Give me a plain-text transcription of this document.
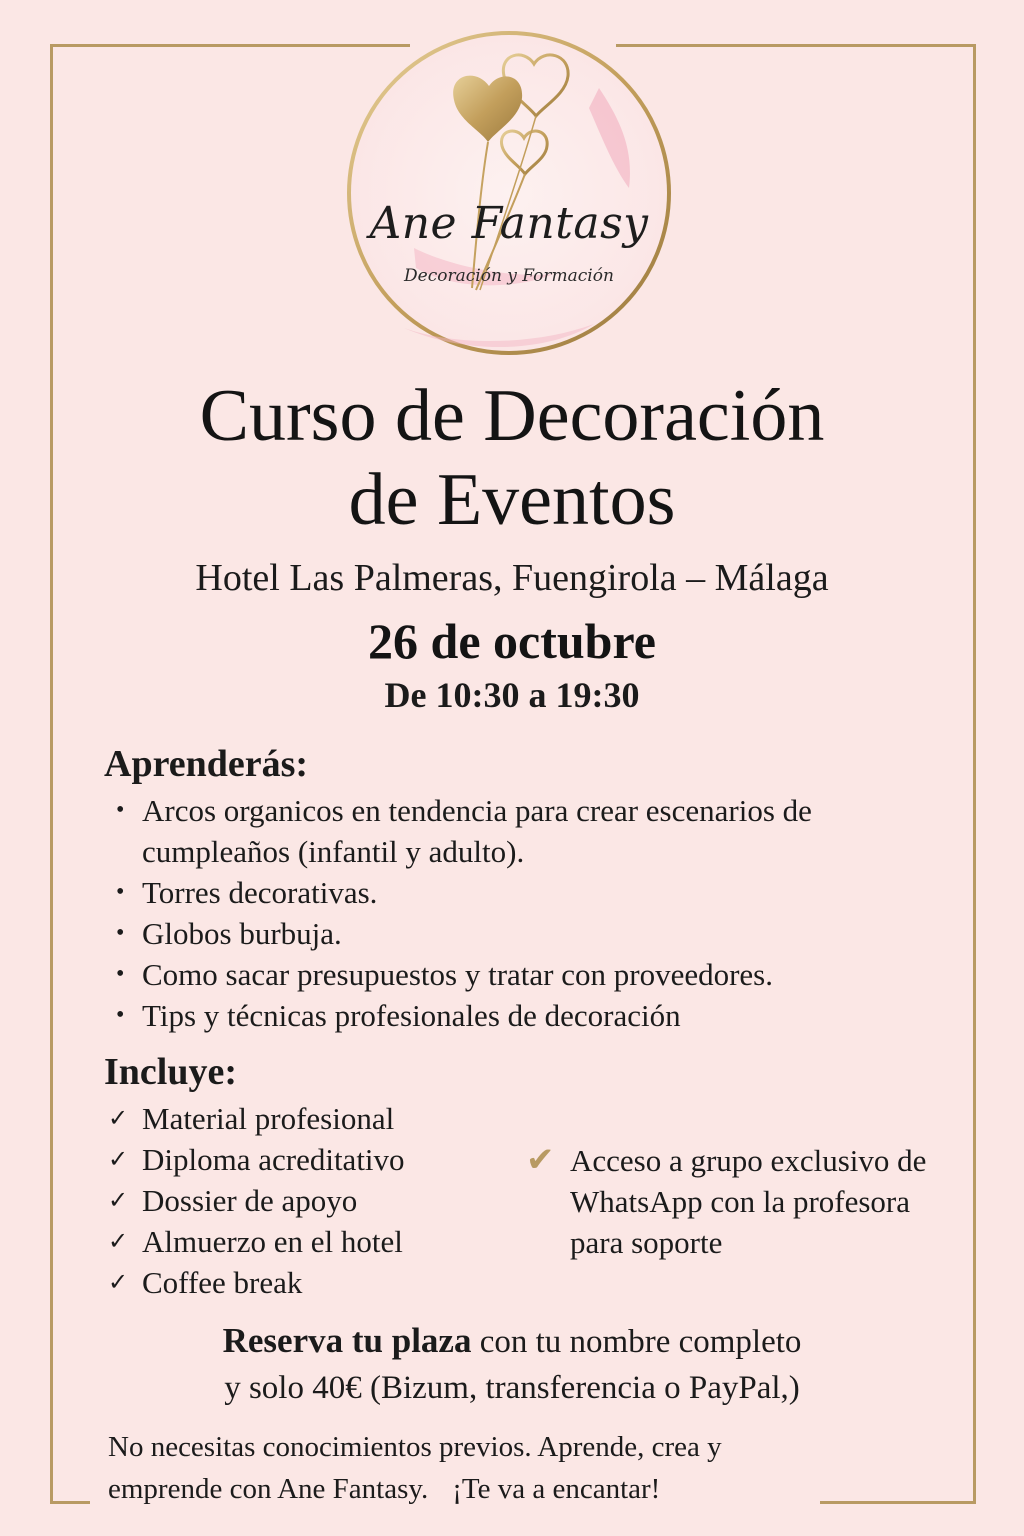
Ane Fantasy
Decoración y Formación
Curso de Decoración
de Eventos
Hotel Las Palmeras, Fuengirola – Málaga
26 de octubre
De 10:30 a 19:30
Aprenderás:
• Arcos organicos en tendencia para crear escenarios de cumpleaños (infantil y adulto).
• Torres decorativas.
• Globos burbuja.
• Como sacar presupuestos y tratar con proveedores.
• Tips y técnicas profesionales de decoración
Incluye:
✓ Material profesional
✓ Diploma acreditativo
✓ Dossier de apoyo
✓ Almuerzo en el hotel
✓ Coffee break
✔ Acceso a grupo exclusivo de WhatsApp con la profesora para soporte
Reserva tu plaza con tu nombre completo
y solo 40€ (Bizum, transferencia o PayPal,)
No necesitas conocimientos previos. Aprende, crea y
emprende con Ane Fantasy. ¡Te va a encantar!
